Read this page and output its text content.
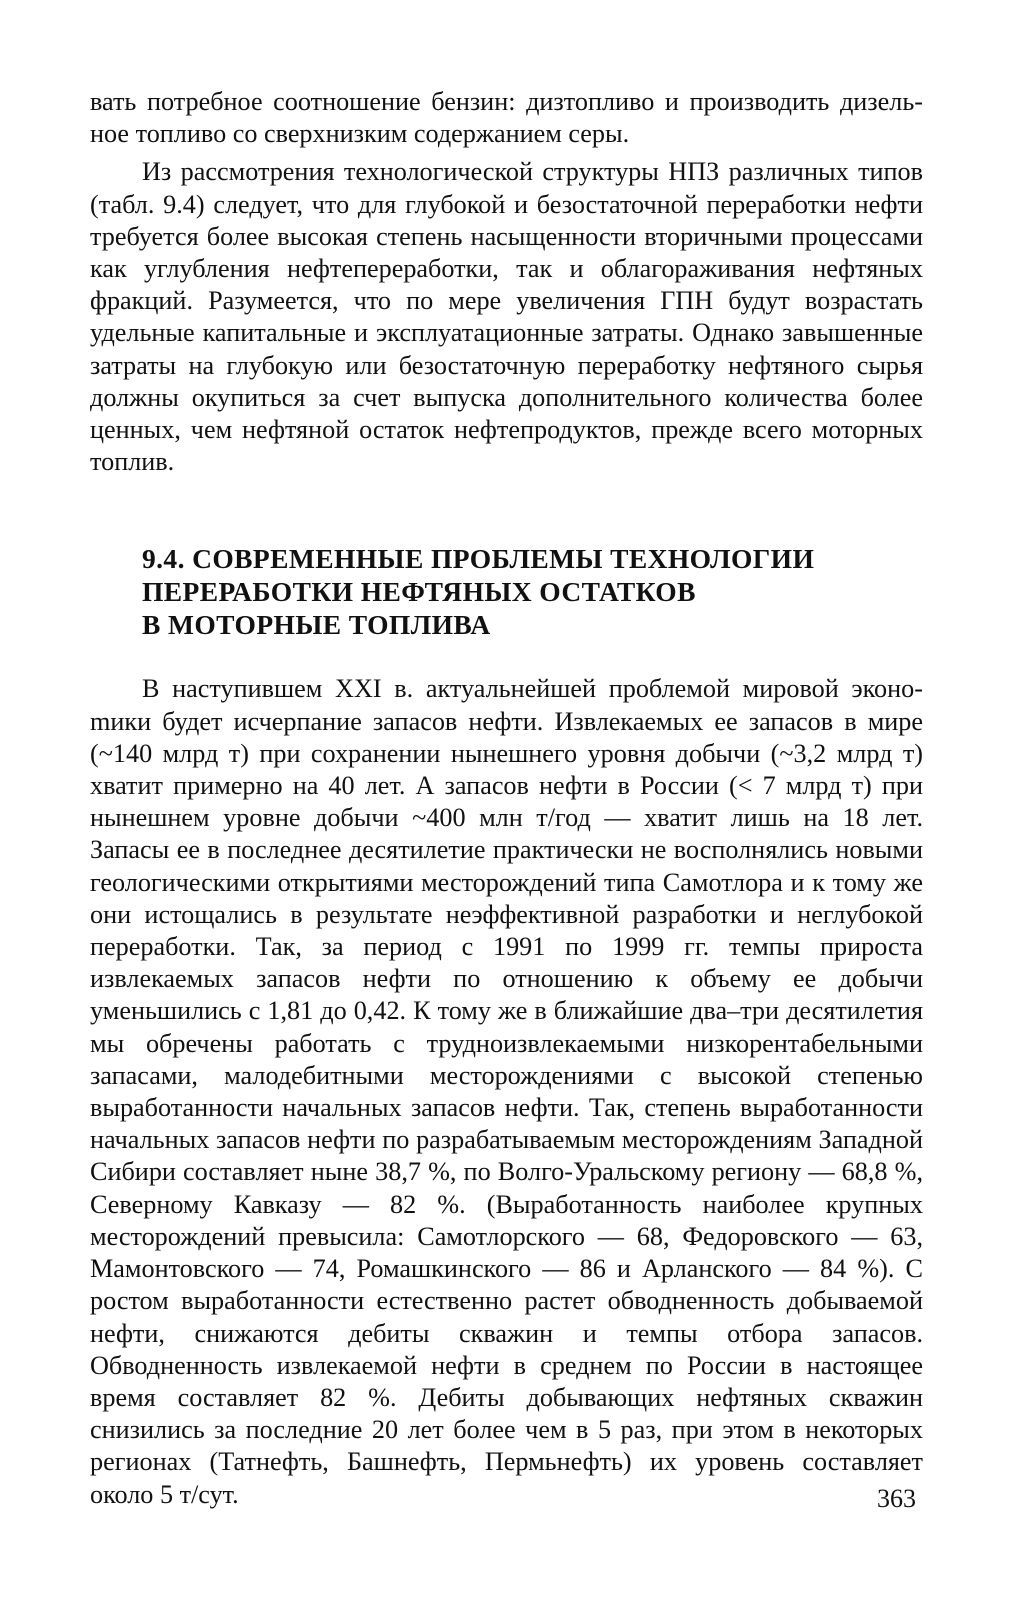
вать потребное соотношение бензин: дизтопливо и производить дизельное топливо со сверхнизким содержанием серы.

Из рассмотрения технологической структуры НПЗ различных типов (табл. 9.4) следует, что для глубокой и безостаточной переработки нефти требуется более высокая степень насыщенности вторичными процессами как углубления нефтепереработки, так и облагораживания нефтяных фракций. Разумеется, что по мере увеличения ГПН будут возрастать удельные капитальные и эксплуатационные затраты. Однако завышенные затраты на глубокую или безостаточную переработку нефтяного сырья должны окупиться за счет выпуска дополнительного количества более ценных, чем нефтяной остаток нефтепродуктов, прежде всего моторных топлив.

9.4. СОВРЕМЕННЫЕ ПРОБЛЕМЫ ТЕХНОЛОГИИ
ПЕРЕРАБОТКИ НЕФТЯНЫХ ОСТАТКОВ
В МОТОРНЫЕ ТОПЛИВА

В наступившем XXI в. актуальнейшей проблемой мировой эконоmики будет исчерпание запасов нефти. Извлекаемых ее запасов в мире (~140 млрд т) при сохранении нынешнего уровня добычи (~3,2 млрд т) хватит примерно на 40 лет. А запасов нефти в России (< 7 млрд т) при нынешнем уровне добычи ~400 млн т/год — хватит лишь на 18 лет. Запасы ее в последнее десятилетие практически не восполнялись новыми геологическими открытиями месторождений типа Самотлора и к тому же они истощались в результате неэффективной разработки и неглубокой переработки. Так, за период с 1991 по 1999 гг. темпы прироста извлекаемых запасов нефти по отношению к объему ее добычи уменьшились с 1,81 до 0,42. К тому же в ближайшие два–три десятилетия мы обречены работать с трудноизвлекаемыми низкорентабельными запасами, малодебитными месторождениями с высокой степенью выработанности начальных запасов нефти. Так, степень выработанности начальных запасов нефти по разрабатываемым месторождениям Западной Сибири составляет ныне 38,7 %, по Волго-Уральскому региону — 68,8 %, Северному Кавказу — 82 %. (Выработанность наиболее крупных месторождений превысила: Самотлорского — 68, Федоровского — 63, Мамонтовского — 74, Ромашкинского — 86 и Арланского — 84 %). С ростом выработанности естественно растет обводненность добываемой нефти, снижаются дебиты скважин и темпы отбора запасов. Обводненность извлекаемой нефти в среднем по России в настоящее время составляет 82 %. Дебиты добывающих нефтяных скважин снизились за последние 20 лет более чем в 5 раз, при этом в некоторых регионах (Татнефть, Башнефть, Пермьнефть) их уровень составляет около 5 т/сут.	363
